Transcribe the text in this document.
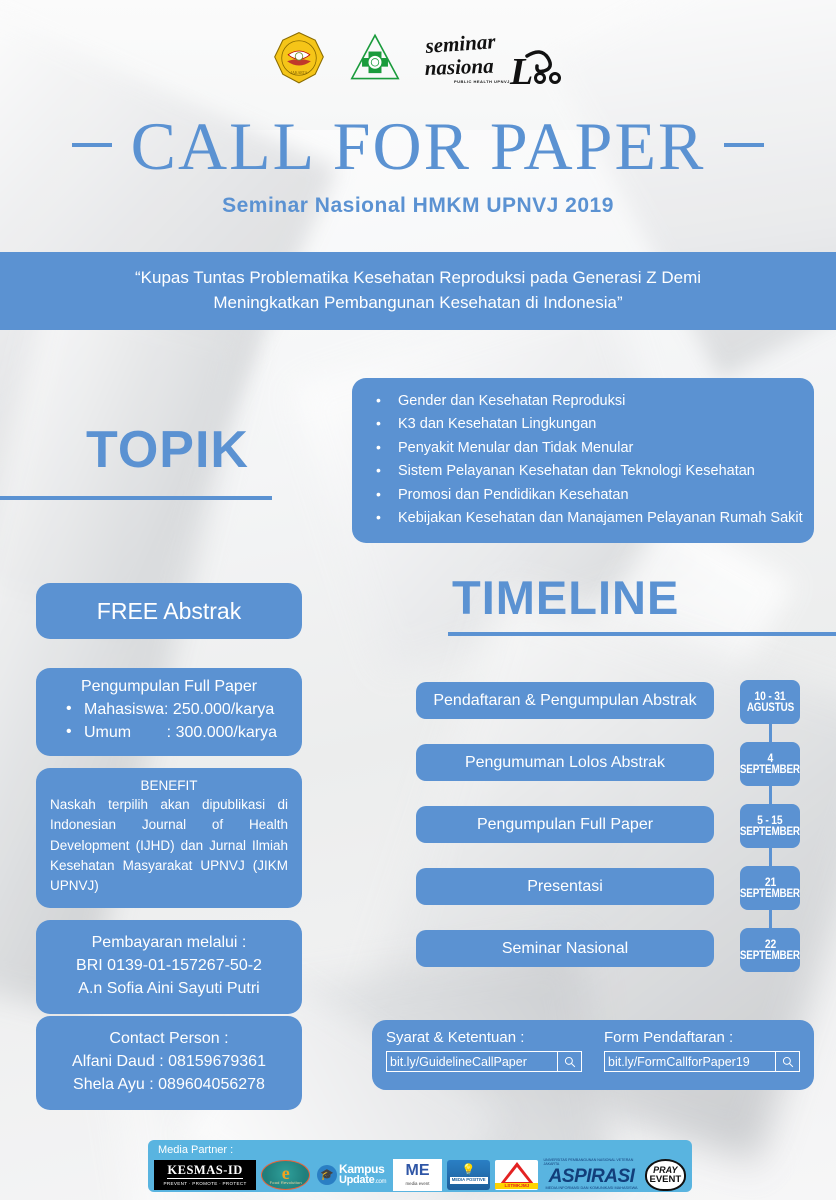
JAKARTA
seminar
nasiona L
PUBLIC HEALTH UPNVJ
CALL FOR PAPER
Seminar Nasional HMKM UPNVJ 2019
“Kupas Tuntas Problematika Kesehatan Reproduksi pada Generasi Z Demi Meningkatkan Pembangunan Kesehatan di Indonesia”
TOPIK
• Gender dan Kesehatan Reproduksi
• K3 dan Kesehatan Lingkungan
• Penyakit Menular dan Tidak Menular
• Sistem Pelayanan Kesehatan dan Teknologi Kesehatan
• Promosi dan Pendidikan Kesehatan
• Kebijakan Kesehatan dan Manajamen Pelayanan Rumah Sakit
FREE Abstrak
Pengumpulan Full Paper
• Mahasiswa: 250.000/karya
• Umum        : 300.000/karya
BENEFIT
Naskah terpilih akan dipublikasi di Indonesian Journal of Health Development (IJHD) dan Jurnal Ilmiah Kesehatan Masyarakat UPNVJ (JIKM UPNVJ)
Pembayaran melalui :
BRI 0139-01-157267-50-2
A.n Sofia Aini Sayuti Putri
Contact Person :
Alfani Daud : 08159679361
Shela Ayu : 089604056278
TIMELINE
Pendaftaran & Pengumpulan Abstrak	10 - 31
AGUSTUS
Pengumuman Lolos Abstrak	4
SEPTEMBER
Pengumpulan Full Paper	5 - 15
SEPTEMBER
Presentasi	21
SEPTEMBER
Seminar Nasional	22
SEPTEMBER
Syarat & Ketentuan :
bit.ly/GuidelineCallPaper
Form Pendaftaran :
bit.ly/FormCallforPaper19
Media Partner :
KESMAS-ID
PREVENT · PROMOTE · PROTECT
e
Food Revolution
🎓 Kampus
Update.com
ME
media event
💡
MEDIA POSITIVE
LSTMKJMJ
UNIVERSITAS PEMBANGUNAN NASIONAL VETERAN JAKARTA
ASPIRASI
MEDIA INFORMASI DAN KOMUNIKASI MAHASISWA
PRAY
EVENT
